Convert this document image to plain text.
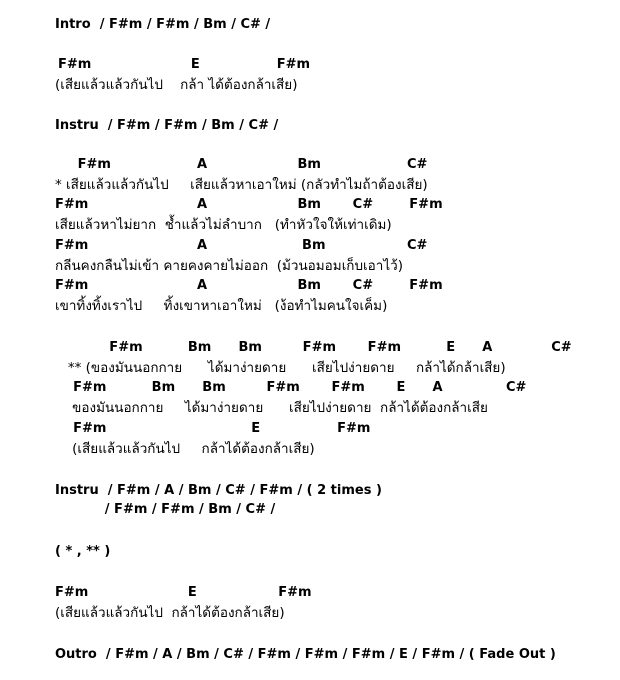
Intro  / F#m / F#m / Bm / C# /
F#m                      E                 F#m
(เสียแล้วแล้วกันไป    กล้า ได้ต้องกล้าเสีย)
Instru  / F#m / F#m / Bm / C# /
F#m                   A                    Bm                   C#
* เสียแล้วแล้วกันไป     เสียแล้วหาเอาใหม่ (กลัวทำไมถ้าต้องเสีย)
F#m                        A                    Bm       C#        F#m
เสียแล้วหาไม่ยาก  ช้ำแล้วไม่ลำบาก   (ทำหัวใจให้เท่าเดิม)
F#m                        A                     Bm                  C#
กลีนคงกลืนไม่เข้า คายคงคายไม่ออก  (ม้วนอมอมเก็บเอาไว้)
F#m                        A                    Bm       C#        F#m
เขาทิ้งทิ้งเราไป     ทิ้งเขาหาเอาใหม่   (ง้อทำไมคนใจเค็ม)
F#m          Bm      Bm         F#m       F#m          E      A             C#
** (ของมันนอกกาย      ได้มาง่ายดาย      เสียไปง่ายดาย     กล้าได้กล้าเสีย)
F#m          Bm      Bm         F#m       F#m       E      A              C#
ของมันนอกกาย     ได้มาง่ายดาย      เสียไปง่ายดาย  กล้าได้ต้องกล้าเสีย
F#m                                E                 F#m
(เสียแล้วแล้วกันไป     กล้าได้ต้องกล้าเสีย)
Instru  / F#m / A / Bm / C# / F#m / ( 2 times )
/ F#m / F#m / Bm / C# /
( * , ** )
F#m                      E                  F#m
(เสียแล้วแล้วกันไป  กล้าได้ต้องกล้าเสีย)
Outro  / F#m / A / Bm / C# / F#m / F#m / F#m / E / F#m / ( Fade Out )
